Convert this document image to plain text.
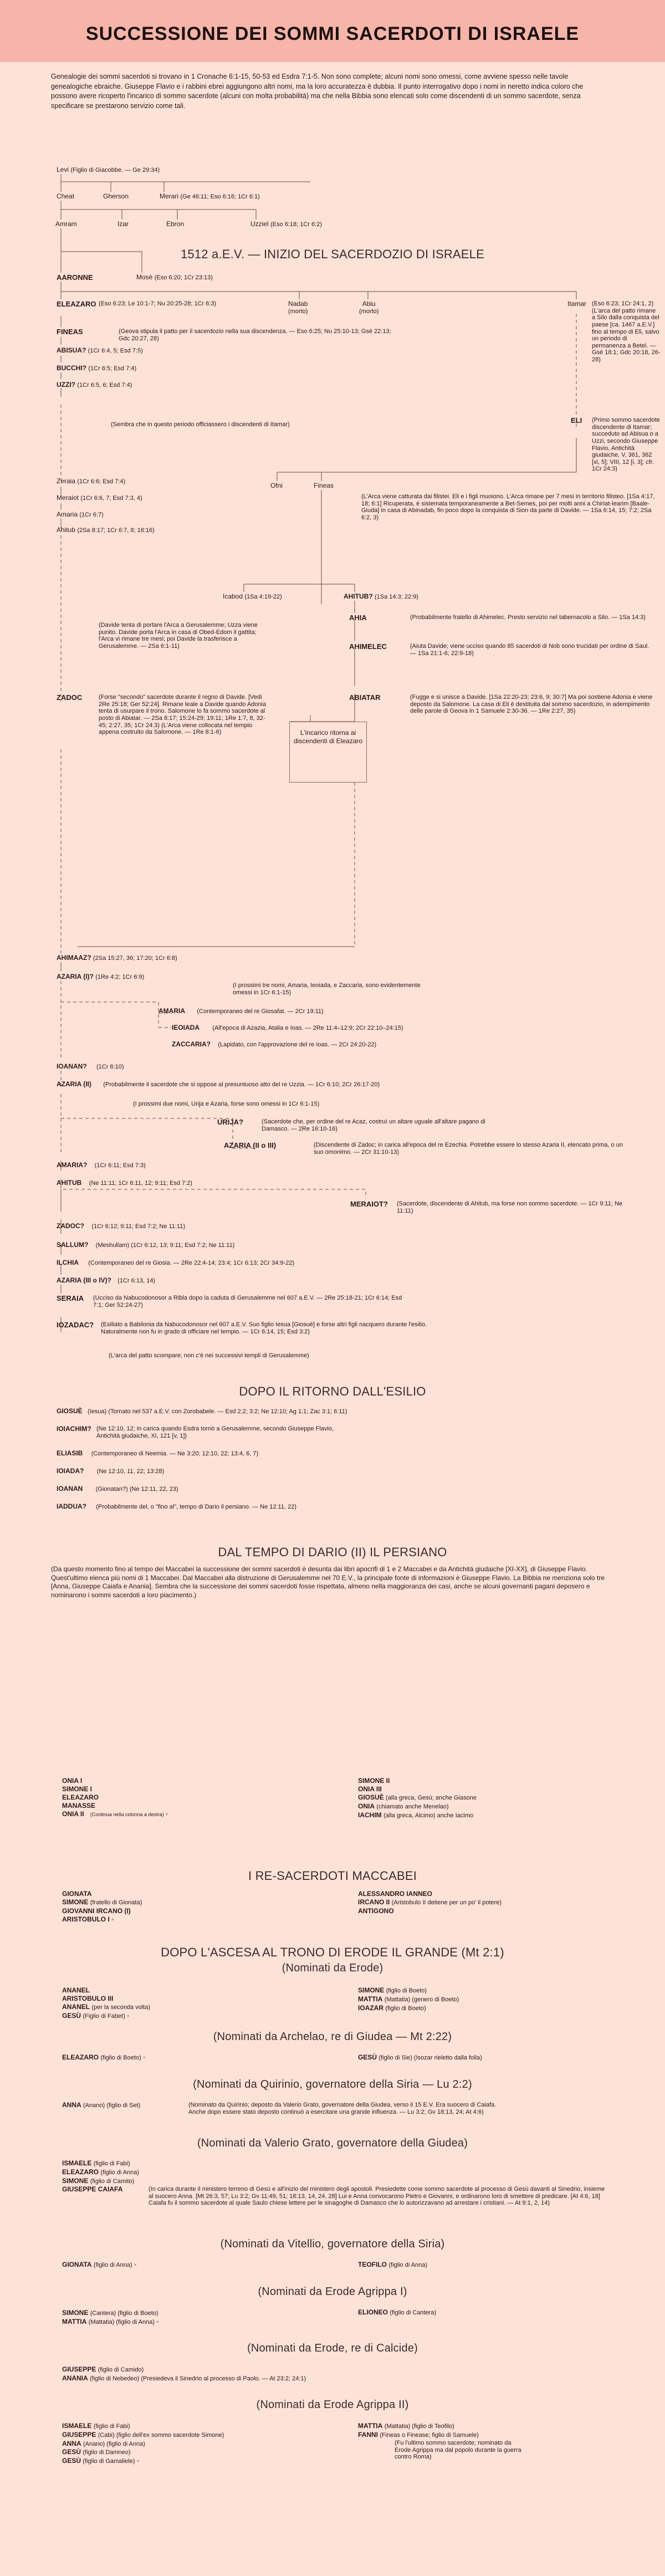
SUCCESSIONE DEI SOMMI SACERDOTI DI ISRAELE
Genealogie dei sommi sacerdoti si trovano in 1 Cronache 6:1-15, 50-53 ed Esdra 7:1-5. Non sono complete; alcuni nomi sono omessi, come avviene spesso nelle tavole genealogiche ebraiche. Giuseppe Flavio e i rabbini ebrei aggiungono altri nomi, ma la loro accuratezza è dubbia. Il punto interrogativo dopo i nomi in neretto indica coloro che possono avere ricoperto l'incarico di sommo sacerdote (alcuni con molta probabilità) ma che nella Bibbia sono elencati solo come discendenti di un sommo sacerdote, senza specificare se prestarono servizio come tali.
Levi (Figlio di Giacobbe. — Ge 29:34)
Cheat	Gherson	Merari (Ge 46:11; Eso 6:16; 1Cr 6:1)
Amram	Izar	Ebron	Uzziel (Eso 6:18; 1Cr 6:2)
1512 a.E.V. — INIZIO DEL SACERDOZIO DI ISRAELE
AARONNE	Mosè (Eso 6:20; 1Cr 23:13)
ELEAZARO (Eso 6:23; Le 10:1-7; Nu 20:25-28; 1Cr 6:3)	Nadab
(morto)
Abiu
(morto)
Itamar (Eso 6:23; 1Cr 24:1, 2) (L'arca del patto rimane a Silo dalla conquista del paese [ca. 1467 a.E.V.] fino al tempo di Eli, salvo un periodo di permanenza a Betel. — Gsè 18:1; Gdc 20:18, 26-28)
FINEAS	(Geova stipula il patto per il sacerdozio nella sua discendenza. — Eso 6:25; Nu 25:10-13; Gsè 22:13; Gdc 20:27, 28)
ABISUA? (1Cr 6:4, 5; Esd 7:5)
BUCCHI? (1Cr 6:5; Esd 7:4)
UZZI? (1Cr 6:5, 6; Esd 7:4)
(Sembra che in questo periodo officiassero i discendenti di Itamar)	ELI (Primo sommo sacerdote discendente di Itamar; succeduto ad Abisua o a Uzzi, secondo Giuseppe Flavio, Antichità giudaiche, V, 361, 362 [xi, 5]; VIII, 12 [i, 3]; cfr. 1Cr 24:3)
Zeraia (1Cr 6:6; Esd 7:4)
Meraiot (1Cr 6:6, 7; Esd 7:3, 4)
Amaria (1Cr 6:7)
Ahitub (2Sa 8:17; 1Cr 6:7, 8; 18:16)
Ofni	Fineas
(L'Arca viene catturata dai filistei. Eli e i figli muoiono. L'Arca rimane per 7 mesi in territorio filisteo. [1Sa 4:17, 18; 6:1] Ricuperata, è sistemata temporaneamente a Bet-Semes, poi per molti anni a Chiriat-Iearim [Baale-Giuda] in casa di Abinadab, fin poco dopo la conquista di Sion da parte di Davide. — 1Sa 6:14, 15; 7:2; 2Sa 6:2, 3)
Icabod (1Sa 4:19-22)	AHITUB? (1Sa 14:3; 22:9)
AHIA	(Probabilmente fratello di Ahimelec. Presto servizio nel tabernacolo a Silo. — 1Sa 14:3)
AHIMELEC	(Aiuta Davide; viene ucciso quando 85 sacerdoti di Nob sono trucidati per ordine di Saul. — 1Sa 21:1-6; 22:9-18)
(Davide tenta di portare l'Arca a Gerusalemme; Uzza viene punito. Davide porta l'Arca in casa di Obed-Edom il gattita; l'Arca vi rimane tre mesi; poi Davide la trasferisce a Gerusalemme. — 2Sa 6:1-11)
ZADOC	(Forse "secondo" sacerdote durante il regno di Davide. [Vedi 2Re 25:18; Ger 52:24]. Rimane leale a Davide quando Adonia tenta di usurpare il trono. Salomone lo fa sommo sacerdote al posto di Abiatar. — 2Sa 8:17; 15:24-29; 19:11; 1Re 1:7, 8, 32-45; 2:27, 35; 1Cr 24:3) (L'Arca viene collocata nel tempio appena costruito da Salomone. — 1Re 8:1-6)
ABIATAR	(Fugge e si unisce a Davide. [1Sa 22:20-23; 23:6, 9; 30:7] Ma poi sostiene Adonia e viene deposto da Salomone. La casa di Eli è destituita dal sommo sacerdozio, in adempimento delle parole di Geova in 1 Samuele 2:30-36. — 1Re 2:27, 35)
L'incarico ritorna ai discendenti di Eleazaro
AHIMAAZ? (2Sa 15:27, 36; 17:20; 1Cr 6:8)
AZARIA (I)? (1Re 4:2; 1Cr 6:9)
(I prossimi tre nomi, Amaria, Ieoiada, e Zaccaria, sono evidentemente omessi in 1Cr 6:1-15)
AMARIA (Contemporaneo del re Giosafat. — 2Cr 19:11)
IEOIADA (All'epoca di Azazia, Atalia e Ioas. — 2Re 11:4–12:9; 2Cr 22:10–24:15)
ZACCARIA? (Lapidato, con l'approvazione del re Ioas. — 2Cr 24:20-22)
IOANAN? (1Cr 6:10)
AZARIA (II) (Probabilmente il sacerdote che si oppose al presuntuoso atto del re Uzzia. — 1Cr 6:10; 2Cr 26:17-20)
(I prossimi due nomi, Urija e Azaria, forse sono omessi in 1Cr 6:1-15)
URIJA?	(Sacerdote che, per ordine del re Acaz, costruì un altare uguale all'altare pagano di Damasco. — 2Re 16:10-16)
AZARIA (II o III)	(Discendente di Zadoc; in carica all'epoca del re Ezechia. Potrebbe essere lo stesso Azaria II, elencato prima, o un suo omonimo. — 2Cr 31:10-13)
AMARIA? (1Cr 6:11; Esd 7:3)
AHITUB (Ne 11:11; 1Cr 6:11, 12; 9:11; Esd 7:2)
MERAIOT? (Sacerdote, discendente di Ahitub, ma forse non sommo sacerdote. — 1Cr 9:11; Ne 11:11)
ZADOC? (1Cr 6:12; 9:11; Esd 7:2; Ne 11:11)
SALLUM? (Meshullam) (1Cr 6:12, 13; 9:11; Esd 7:2; Ne 11:11)
ILCHIA (Contemporaneo del re Giosia. — 2Re 22:4-14; 23:4; 1Cr 6:13; 2Cr 34:9-22)
AZARIA (III o IV)? (1Cr 6:13, 14)
SERAIA (Ucciso da Nabucodonosor a Ribla dopo la caduta di Gerusalemme nel 607 a.E.V. — 2Re 25:18-21; 1Cr 6:14; Esd 7:1; Ger 52:24-27)
IOZADAC? (Esiliato a Babilonia da Nabucodonosor nel 607 a.E.V. Suo figlio Iesua [Giosuè] e forse altri figli nacquero durante l'esilio. Naturalmente non fu in grado di officiare nel tempio. — 1Cr 6:14, 15; Esd 3:2)
(L'arca del patto scompare; non c'è nei successivi templi di Gerusalemme)
DOPO IL RITORNO DALL'ESILIO
GIOSUÈ (Iesua) (Tornato nel 537 a.E.V. con Zorobabele. — Esd 2:2; 3:2; Ne 12:10; Ag 1:1; Zac 3:1; 6:11)
IOIACHIM? (Ne 12:10, 12; in carica quando Esdra tornò a Gerusalemme, secondo Giuseppe Flavio, Antichità giudaiche, XI, 121 [v, 1])
ELIASIB (Contemporaneo di Neemia. — Ne 3:20; 12:10, 22; 13:4, 6, 7)
IOIADA? (Ne 12:10, 11, 22; 13:28)
IOANAN (Gionatan?) (Ne 12:11, 22, 23)
IADDUA? (Probabilmente del, o "fino al", tempo di Dario il persiano. — Ne 12:11, 22)
DAL TEMPO DI DARIO (II) IL PERSIANO
(Da questo momento fino al tempo dei Maccabei la successione dei sommi sacerdoti è desunta dai libri apocrifi di 1 e 2 Maccabei e da Antichità giudaiche [XI-XX], di Giuseppe Flavio. Quest'ultimo elenca più nomi di 1 Maccabei. Dal Maccabei alla distruzione di Gerusalemme nel 70 E.V., la principale fonte di informazioni è Giuseppe Flavio. La Bibbia ne menziona solo tre [Anna, Giuseppe Caiafa e Anania]. Sembra che la successione dei sommi sacerdoti fosse rispettata, almeno nella maggioranza dei casi, anche se alcuni governanti pagani deposero e nominarono i sommi sacerdoti a loro piacimento.)
ONIA I
SIMONE I
ELEAZARO
MANASSE
ONIA II (Continua nella colonna a destra) ◦
SIMONE II
ONIA III
GIOSUÈ (alla greca, Gesù; anche Giasone
ONIA (chiamato anche Menelao)
IACHIM (alla greca, Alcimo) anche Iacimo
I RE-SACERDOTI MACCABEI
GIONATA
SIMONE (fratello di Gionata)
GIOVANNI IRCANO (I)
ARISTOBULO I ◦
ALESSANDRO IANNEO
IRCANO II (Aristobulo II detiene per un po' il potere)
ANTIGONO
DOPO L'ASCESA AL TRONO DI ERODE IL GRANDE (Mt 2:1)
(Nominati da Erode)
ANANEL
ARISTOBULO III
ANANEL (per la seconda volta)
GESÙ (Figlio di Fabet) ◦
SIMONE (figlio di Boeto)
MATTIA (Mattatia) (genero di Boeto)
IOAZAR (figlio di Boeto)
(Nominati da Archelao, re di Giudea — Mt 2:22)
ELEAZARO (figlio di Boeto) ◦	GESÙ (figlio di Sie) (Isozar rieletto dalla folla)
(Nominati da Quirinio, governatore della Siria — Lu 2:2)
ANNA (Anano) (figlio di Set)	(Nominato da Quirinio; deposto da Valerio Grato, governatore della Giudea, verso il 15 E.V. Era suocero di Caiafa. Anche dopo essere stato deposto continuò a esercitare una grande influenza. — Lu 3:2; Gv 18:13, 24; At 4:6)
(Nominati da Valerio Grato, governatore della Giudea)
ISMAELE (figlio di Fabi)
ELEAZARO (figlio di Anna)
SIMONE (figlio di Camito)
GIUSEPPE CAIAFA	(In carica durante il ministero terreno di Gesù e all'inizio del ministero degli apostoli. Presiedette come sommo sacerdote al processo di Gesù davanti al Sinedrio, insieme al suocero Anna. [Mt 26:3, 57; Lu 3:2; Gv 11:49, 51; 18:13, 14, 24, 28] Lui e Anna convocarono Pietro e Giovanni, e ordinarono loro di smettere di predicare. [At 4:6, 18] Caiafa fu il sommo sacerdote al quale Saulo chiese lettere per le sinagoghe di Damasco che lo autorizzavano ad arrestare i cristiani. — At 9:1, 2, 14)
(Nominati da Vitellio, governatore della Siria)
GIONATA (figlio di Anna) ◦	TEOFILO (figlio di Anna)
(Nominati da Erode Agrippa I)
SIMONE (Cantera) (figlio di Boeto)
MATTIA (Mattatia) (figlio di Anna) ◦
ELIONEO (figlio di Cantera)
(Nominati da Erode, re di Calcide)
GIUSEPPE (figlio di Camido)
ANANIA (figlio di Nebedeo) (Presiedeva il Sinedrio al processo di Paolo. — At 23:2; 24:1)
(Nominati da Erode Agrippa II)
ISMAELE (figlio di Fabi)
GIUSEPPE (Cabi) (figlio dell'ex sommo sacerdote Simone)
ANNA (Anano) (figlio di Anna)
GESÙ (figlio di Damneo)
GESÙ (figlio di Gamaliele) ◦
MATTIA (Mattatia) (figlio di Teofilo)
FANNI (Fineas o Finease; figlio di Samuele)
(Fu l'ultimo sommo sacerdote; nominato da Erode Agrippa ma dal popolo durante la guerra contro Roma)
